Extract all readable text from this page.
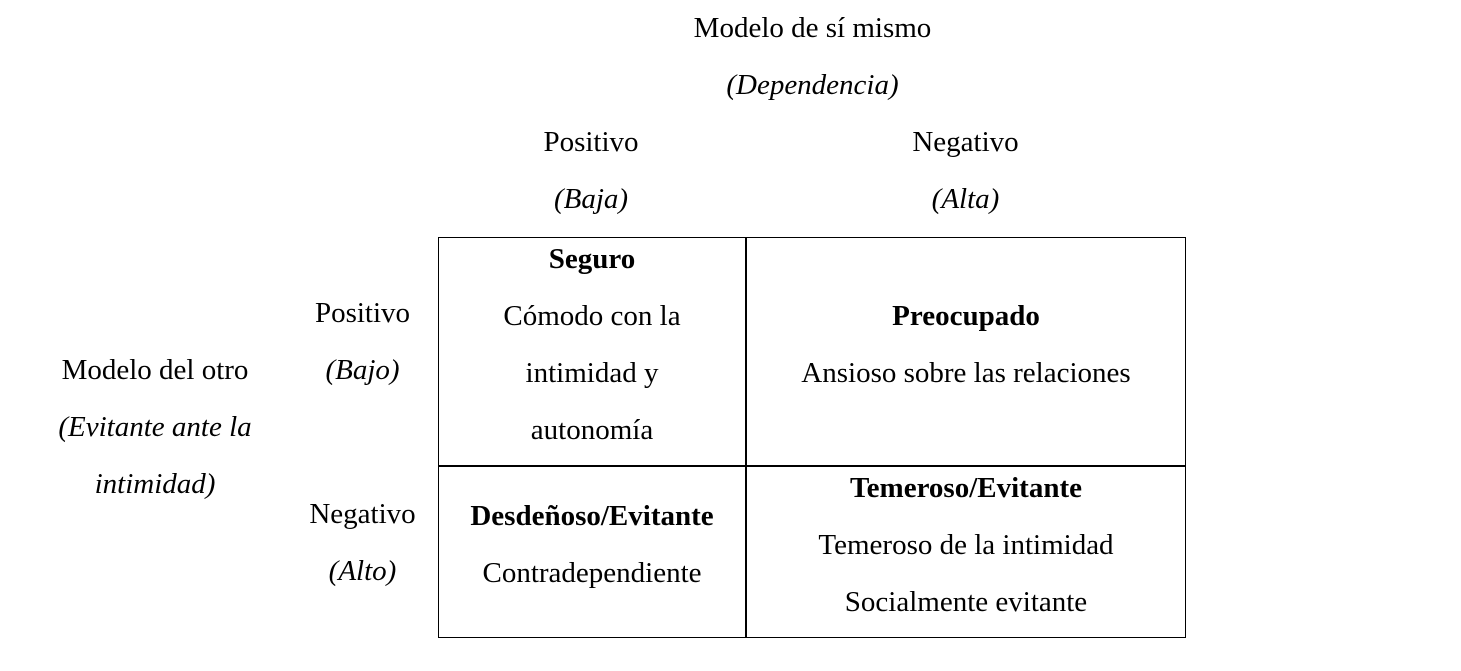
Modelo de sí mismo
(Dependencia)
Positivo
(Baja)
Negativo
(Alta)
Modelo del otro
(Evitante ante la
intimidad)
Positivo
(Bajo)
Negativo
(Alto)
Seguro
Cómodo con la
intimidad y
autonomía
Preocupado
Ansioso sobre las relaciones
Desdeñoso/Evitante
Contradependiente
Temeroso/Evitante
Temeroso de la intimidad
Socialmente evitante
